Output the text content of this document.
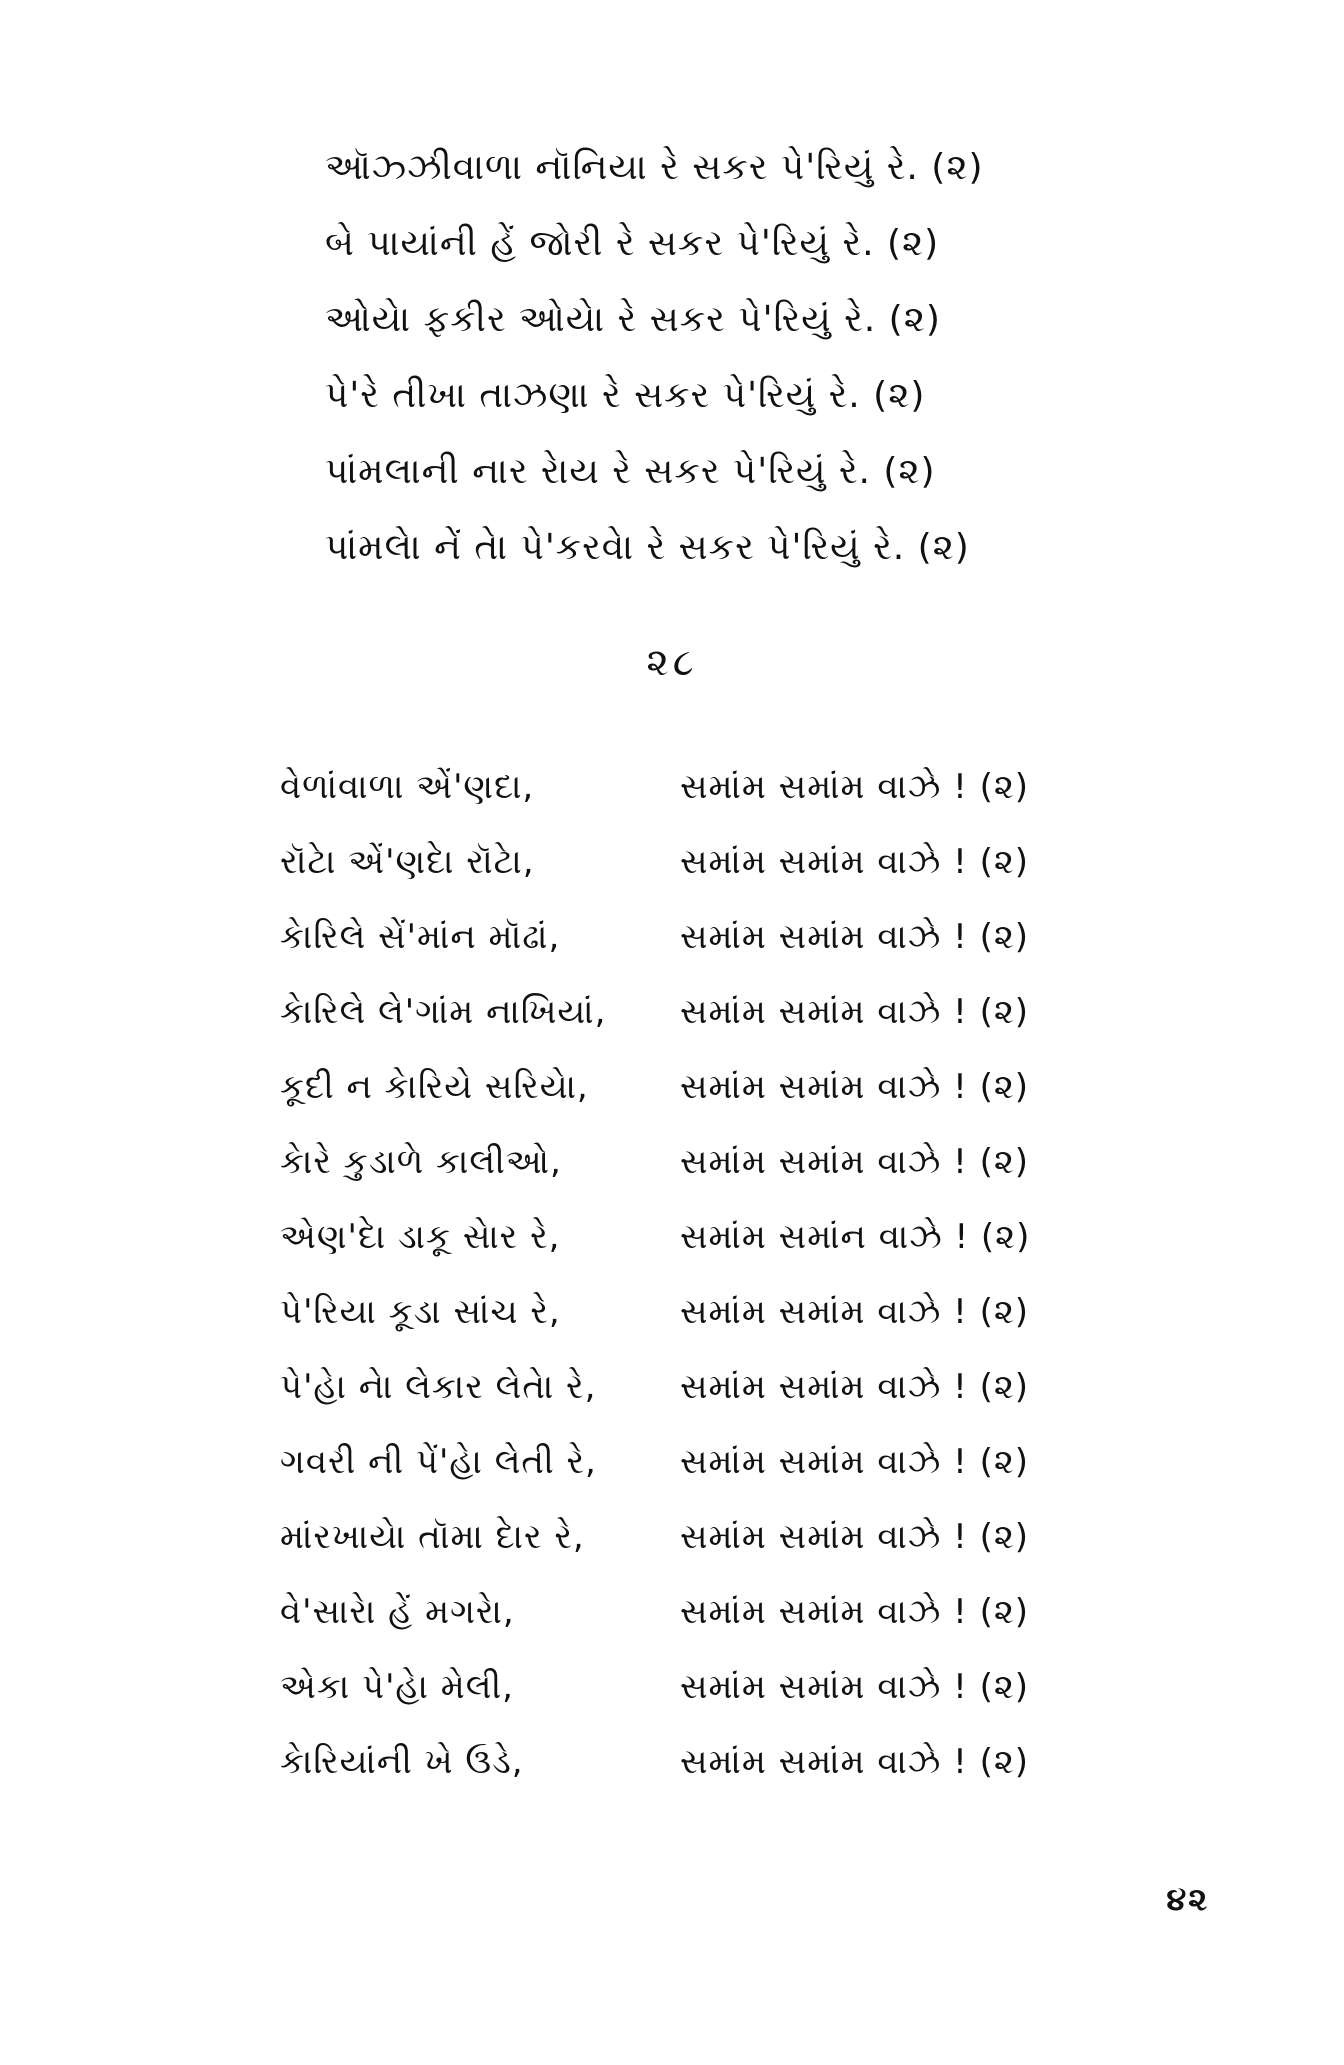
ઑઝ્ઝીવાળા નૉનિયા રે સકર પે'રિયું રે. (૨)
બે પાયાંની હેં જોરી રે સકર પે'રિયું રે. (૨)
ઓયેા ફકીર ઓયેા રે સકર પે'રિયું રે. (૨)
પે'રે તીખા તાઝણા રે સકર પે'રિયું રે. (૨)
પાંમલાની નાર રેાય રે સકર પે'રિયું રે. (૨)
પાંમલેા નેં તેા પે'કરવેા રે સકર પે'રિયું રે. (૨)
૨૮
વેળાંવાળા એં'ણદા,	સમાંમ સમાંમ વાઝે ! (૨)
રૉટેા એં'ણદેા રૉટેા,	સમાંમ સમાંમ વાઝે ! (૨)
કેારિલે સેં'માંન મૉઢાં,	સમાંમ સમાંમ વાઝે ! (૨)
કેારિલે લે'ગાંમ નાખિયાં,	સમાંમ સમાંમ વાઝે ! (૨)
કૂદી ન કેારિયે સરિયેા,	સમાંમ સમાંમ વાઝે ! (૨)
કેારે કુડાળે કાલીઓ,	સમાંમ સમાંમ વાઝે ! (૨)
એણ'દેા ડાકૂ સેાર રે,	સમાંમ સમાંન વાઝે ! (૨)
પે'રિયા કૂડા સાંચ રે,	સમાંમ સમાંમ વાઝે ! (૨)
પે'હેા નેા લેકાર લેતેા રે,	સમાંમ સમાંમ વાઝે ! (૨)
ગવરી ની પેં'હેા લેતી રે,	સમાંમ સમાંમ વાઝે ! (૨)
માંરખાયેા તૉમા દેાર રે,	સમાંમ સમાંમ વાઝે ! (૨)
વે'સારેા હેં મગરેા,	સમાંમ સમાંમ વાઝે ! (૨)
એકા પે'હેા મેલી,	સમાંમ સમાંમ વાઝે ! (૨)
કેારિયાંની ખે ઉડે,	સમાંમ સમાંમ વાઝે ! (૨)
૪૨
